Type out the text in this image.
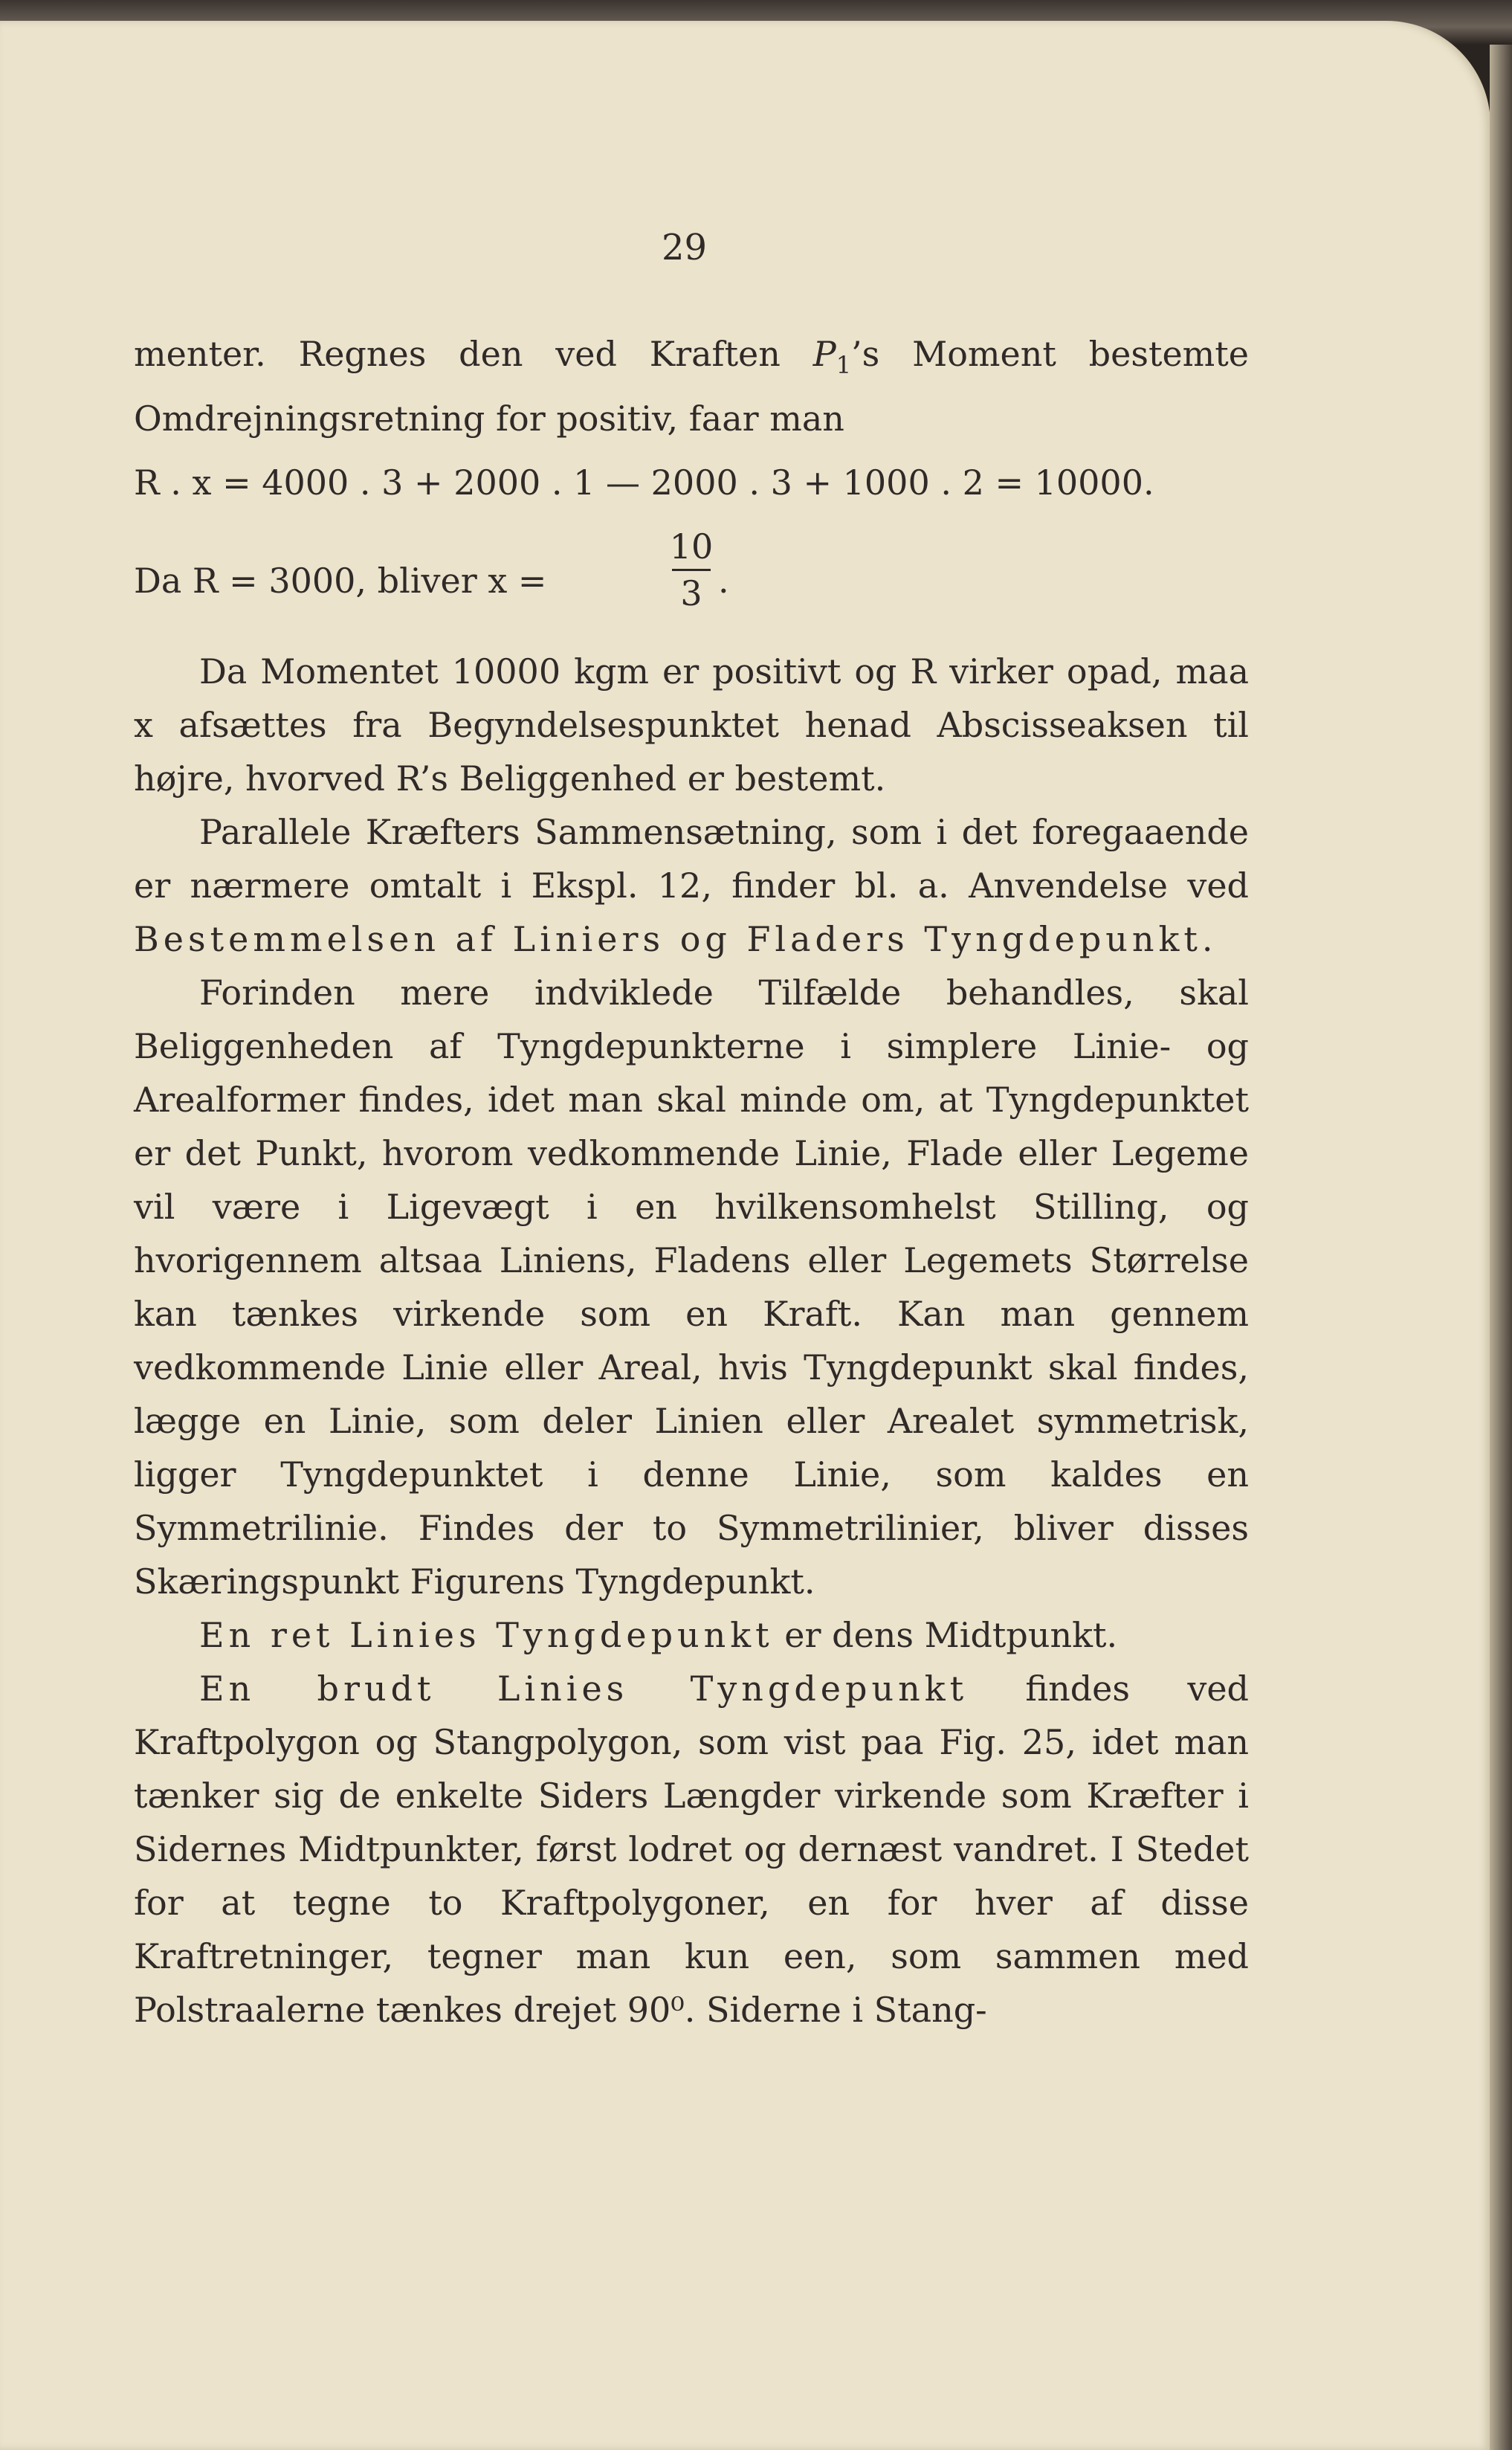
29

menter. Regnes den ved Kraften $P_1’s$ Moment bestemte Omdrejningsretning for positiv, faar man

R . x = 4000 . 3 + 2000 . 1 — 2000 . 3 + 1000 . 2 = 10000.

Da R = 3000, bliver x =
10
3 .

Da Momentet 10000 kgm er positivt og R virker opad, maa x afsættes fra Begyndelsespunktet henad Abscisseaksen til højre, hvorved R’s Beliggenhed er bestemt.

Parallele Kræfters Sammensætning, som i det foregaaende er nærmere omtalt i Ekspl. 12, finder bl. a. Anvendelse ved Bestemmelsen af Liniers og Fladers Tyngdepunkt.

Forinden mere indviklede Tilfælde behandles, skal Beliggenheden af Tyngdepunkterne i simplere Linie- og Arealformer findes, idet man skal minde om, at Tyngdepunktet er det Punkt, hvorom vedkommende Linie, Flade eller Legeme vil være i Ligevægt i en hvilkensomhelst Stilling, og hvorigennem altsaa Liniens, Fladens eller Legemets Størrelse kan tænkes virkende som en Kraft. Kan man gennem vedkommende Linie eller Areal, hvis Tyngdepunkt skal findes, lægge en Linie, som deler Linien eller Arealet symmetrisk, ligger Tyngdepunktet i denne Linie, som kaldes en Symmetrilinie. Findes der to Symmetrilinier, bliver disses Skæringspunkt Figurens Tyngdepunkt.

En ret Linies Tyngdepunkt er dens Midtpunkt.

En brudt Linies Tyngdepunkt findes ved Kraftpolygon og Stangpolygon, som vist paa Fig. 25, idet man tænker sig de enkelte Siders Længder virkende som Kræfter i Sidernes Midtpunkter, først lodret og dernæst vandret. I Stedet for at tegne to Kraftpolygoner, en for hver af disse Kraftretninger, tegner man kun een, som sammen med Polstraalerne tænkes drejet 90⁰. Siderne i Stang-
